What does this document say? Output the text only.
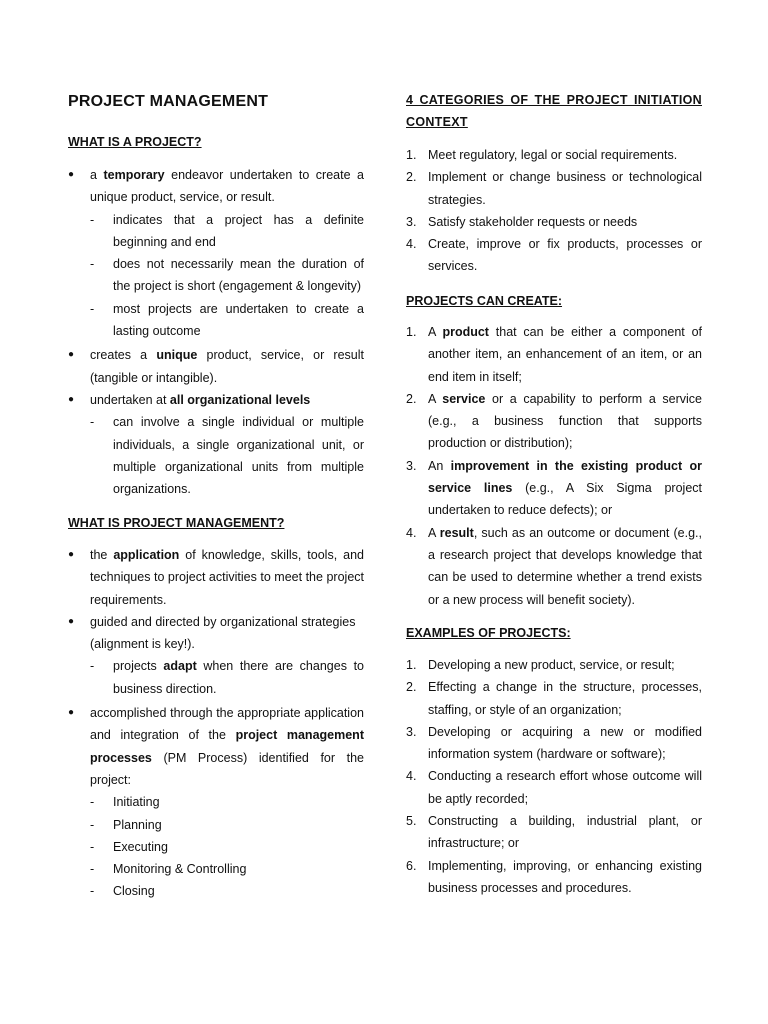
PROJECT MANAGEMENT

WHAT IS A PROJECT?

● a temporary endeavor undertaken to create a unique product, service, or result.

- indicates that a project has a definite beginning and end

- does not necessarily mean the duration of the project is short (engagement & longevity)

- most projects are undertaken to create a lasting outcome

● creates a unique product, service, or result (tangible or intangible).

● undertaken at all organizational levels

- can involve a single individual or multiple individuals, a single organizational unit, or multiple organizational units from multiple organizations.

WHAT IS PROJECT MANAGEMENT?

● the application of knowledge, skills, tools, and techniques to project activities to meet the project requirements.

● guided and directed by organizational strategies (alignment is key!).

- projects adapt when there are changes to business direction.

● accomplished through the appropriate application and integration of the project management processes (PM Process) identified for the project:

- Initiating

- Planning

- Executing

- Monitoring & Controlling

- Closing

4 CATEGORIES OF THE PROJECT INITIATION CONTEXT

1. Meet regulatory, legal or social requirements.

2. Implement or change business or technological strategies.

3. Satisfy stakeholder requests or needs

4. Create, improve or fix products, processes or services.

PROJECTS CAN CREATE:

1. A product that can be either a component of another item, an enhancement of an item, or an end item in itself;

2. A service or a capability to perform a service (e.g., a business function that supports production or distribution);

3. An improvement in the existing product or service lines (e.g., A Six Sigma project undertaken to reduce defects); or

4. A result, such as an outcome or document (e.g., a research project that develops knowledge that can be used to determine whether a trend exists or a new process will benefit society).

EXAMPLES OF PROJECTS:

1. Developing a new product, service, or result;

2. Effecting a change in the structure, processes, staffing, or style of an organization;

3. Developing or acquiring a new or modified information system (hardware or software);

4. Conducting a research effort whose outcome will be aptly recorded;

5. Constructing a building, industrial plant, or infrastructure; or

6. Implementing, improving, or enhancing existing business processes and procedures.
